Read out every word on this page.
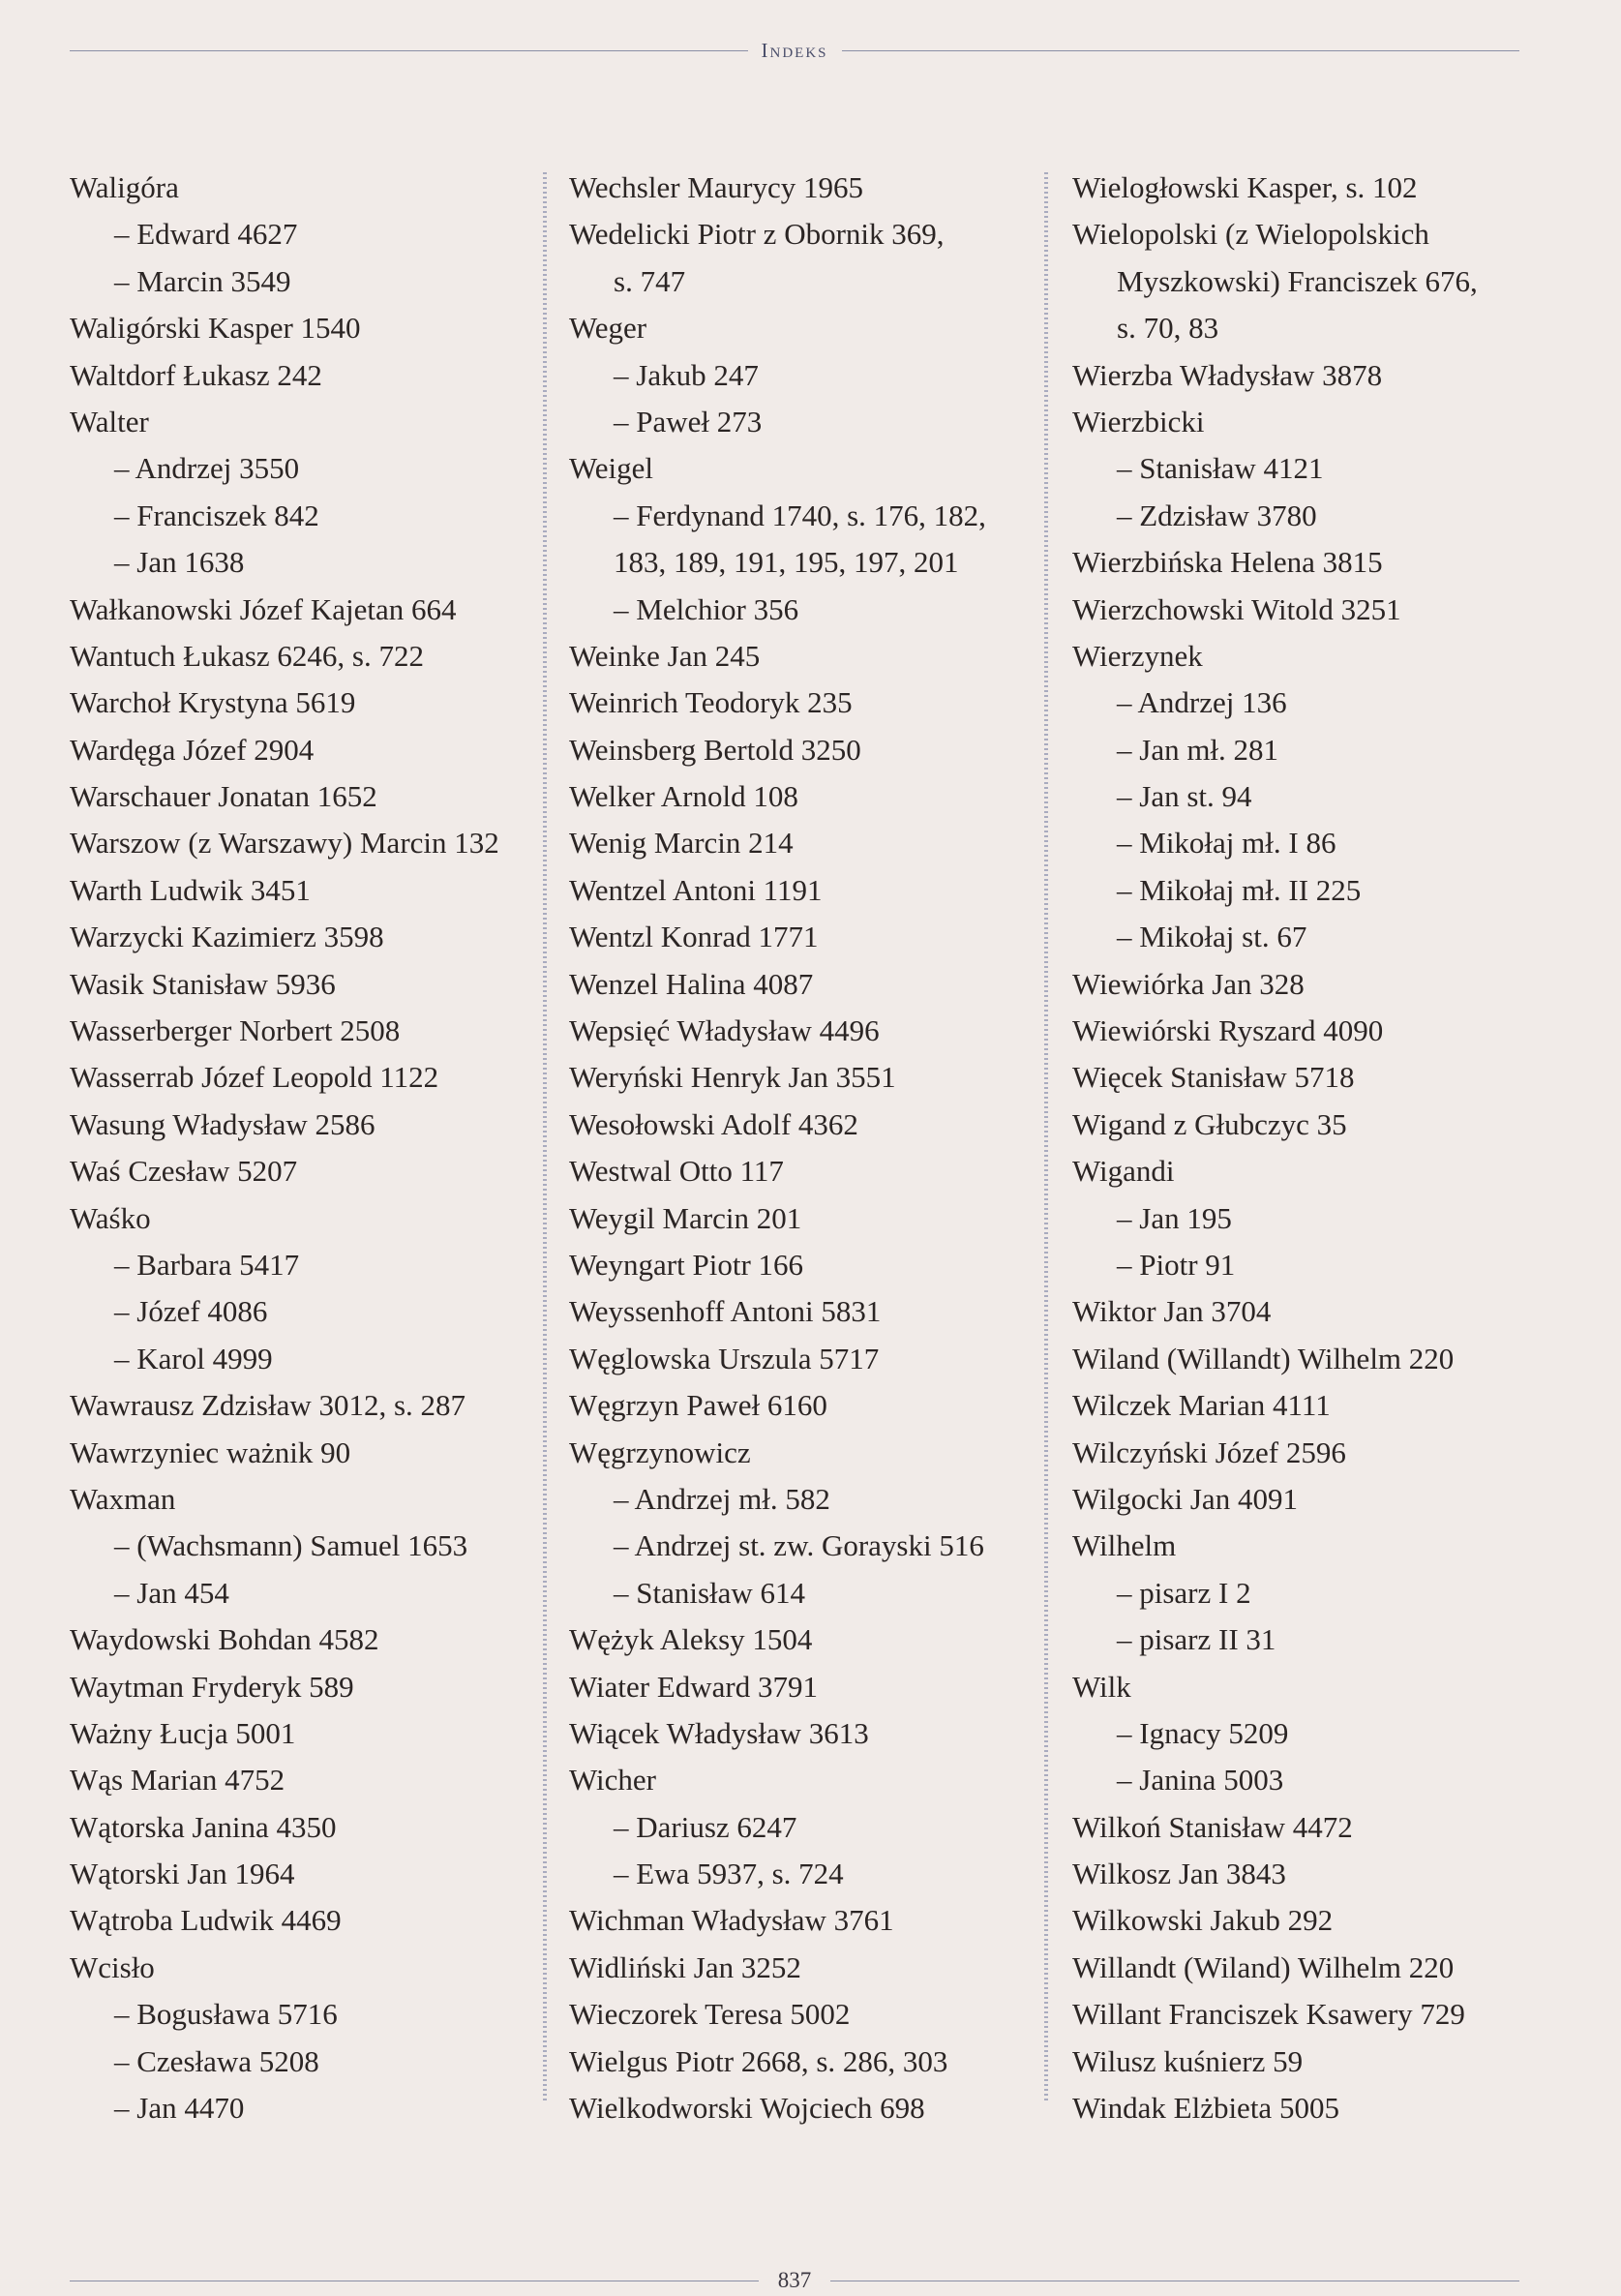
Indeks
Waligóra
– Edward 4627
– Marcin 3549
Waligórski Kasper 1540
Waltdorf Łukasz 242
Walter
– Andrzej 3550
– Franciszek 842
– Jan 1638
Wałkanowski Józef Kajetan 664
Wantuch Łukasz 6246, s. 722
Warchoł Krystyna 5619
Wardęga Józef 2904
Warschauer Jonatan 1652
Warszow (z Warszawy) Marcin 132
Warth Ludwik 3451
Warzycki Kazimierz 3598
Wasik Stanisław 5936
Wasserberger Norbert 2508
Wasserrab Józef Leopold 1122
Wasung Władysław 2586
Waś Czesław 5207
Waśko
– Barbara 5417
– Józef 4086
– Karol 4999
Wawrausz Zdzisław 3012, s. 287
Wawrzyniec ważnik 90
Waxman
– (Wachsmann) Samuel 1653
– Jan 454
Waydowski Bohdan 4582
Waytman Fryderyk 589
Ważny Łucja 5001
Wąs Marian 4752
Wątorska Janina 4350
Wątorski Jan 1964
Wątroba Ludwik 4469
Wcisło
– Bogusława 5716
– Czesława 5208
– Jan 4470
Wechsler Maurycy 1965
Wedelicki Piotr z Obornik 369,
s. 747
Weger
– Jakub 247
– Paweł 273
Weigel
– Ferdynand 1740, s. 176, 182,
183, 189, 191, 195, 197, 201
– Melchior 356
Weinke Jan 245
Weinrich Teodoryk 235
Weinsberg Bertold 3250
Welker Arnold 108
Wenig Marcin 214
Wentzel Antoni 1191
Wentzl Konrad 1771
Wenzel Halina 4087
Wepsięć Władysław 4496
Weryński Henryk Jan 3551
Wesołowski Adolf 4362
Westwal Otto 117
Weygil Marcin 201
Weyngart Piotr 166
Weyssenhoff Antoni 5831
Węglowska Urszula 5717
Węgrzyn Paweł 6160
Węgrzynowicz
– Andrzej mł. 582
– Andrzej st. zw. Gorayski 516
– Stanisław 614
Wężyk Aleksy 1504
Wiater Edward 3791
Wiącek Władysław 3613
Wicher
– Dariusz 6247
– Ewa 5937, s. 724
Wichman Władysław 3761
Widliński Jan 3252
Wieczorek Teresa 5002
Wielgus Piotr 2668, s. 286, 303
Wielkodworski Wojciech 698
Wielogłowski Kasper, s. 102
Wielopolski (z Wielopolskich
Myszkowski) Franciszek 676,
s. 70, 83
Wierzba Władysław 3878
Wierzbicki
– Stanisław 4121
– Zdzisław 3780
Wierzbińska Helena 3815
Wierzchowski Witold 3251
Wierzynek
– Andrzej 136
– Jan mł. 281
– Jan st. 94
– Mikołaj mł. I 86
– Mikołaj mł. II 225
– Mikołaj st. 67
Wiewiórka Jan 328
Wiewiórski Ryszard 4090
Więcek Stanisław 5718
Wigand z Głubczyc 35
Wigandi
– Jan 195
– Piotr 91
Wiktor Jan 3704
Wiland (Willandt) Wilhelm 220
Wilczek Marian 4111
Wilczyński Józef 2596
Wilgocki Jan 4091
Wilhelm
– pisarz I 2
– pisarz II 31
Wilk
– Ignacy 5209
– Janina 5003
Wilkoń Stanisław 4472
Wilkosz Jan 3843
Wilkowski Jakub 292
Willandt (Wiland) Wilhelm 220
Willant Franciszek Ksawery 729
Wilusz kuśnierz 59
Windak Elżbieta 5005
837
